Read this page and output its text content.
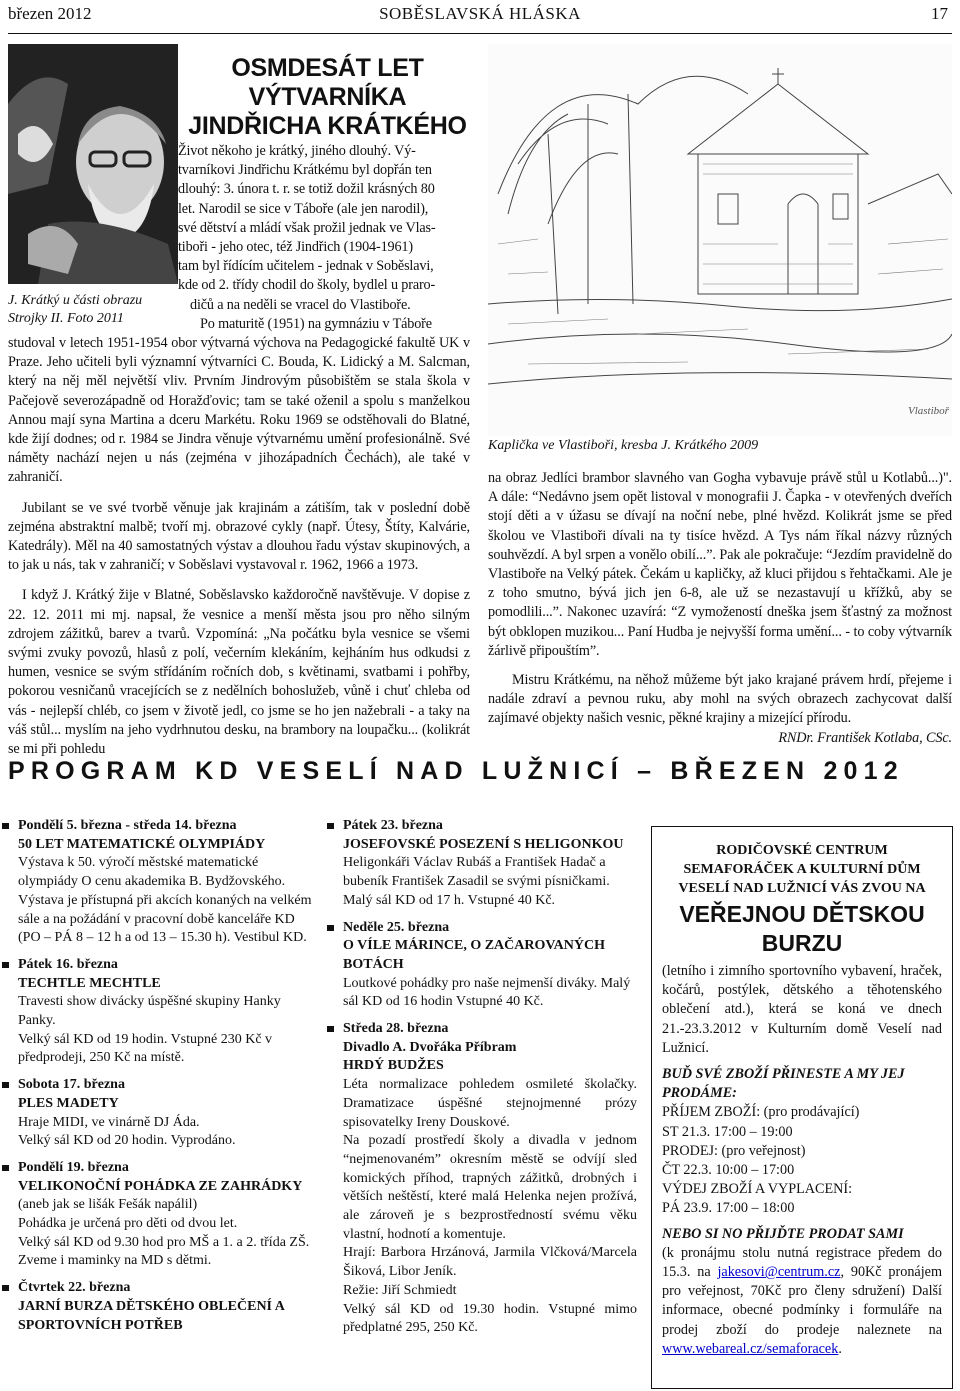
březen 2012	SOBĚSLAVSKÁ HLÁSKA	17

J. Krátký u části obrazu

Strojky II. Foto 2011

OSMDESÁT LET

VÝTVARNÍKA

JINDŘICHA KRÁTKÉHO

Život někoho je krátký, jiného dlouhý. Vý-

tvarníkovi Jindřichu Krátkému byl dopřán ten

dlouhý: 3. února t. r. se totiž dožil krásných 80

let. Narodil se sice v Táboře (ale jen narodil),

své dětství a mládí však prožil jednak ve Vlas-

tiboři - jeho otec, též Jindřich (1904-1961)

tam byl řídícím učitelem - jednak v Soběslavi,

kde od 2. třídy chodil do školy, bydlel u praro-

dičů a na neděli se vracel do Vlastiboře.

Po maturitě (1951) na gymnáziu v Táboře

studoval v letech 1951-1954 obor výtvarná výchova na Pedagogické fakultě UK v Praze. Jeho učiteli byli významní výtvarníci C. Bouda, K. Lidický a M. Salcman, který na něj měl největší vliv. Prvním Jindrovým působištěm se stala škola v Pačejově severozápadně od Horažďovic; tam se také oženil a spolu s manželkou Annou mají syna Martina a dceru Markétu. Roku 1969 se odstěhovali do Blatné, kde žijí dodnes; od r. 1984 se Jindra věnuje výtvarnému umění profesionálně. Své náměty nachází nejen u nás (zejména v jihozápadních Čechách), ale také v zahraničí.

Jubilant se ve své tvorbě věnuje jak krajinám a zátiším, tak v poslední době zejména abstraktní malbě; tvoří mj. obrazové cykly (např. Útesy, Štíty, Kalvárie, Katedrály). Měl na 40 samostatných výstav a dlouhou řadu výstav skupinových, a to jak u nás, tak v zahraničí; v Soběslavi vystavoval r. 1962, 1966 a 1973.

I když J. Krátký žije v Blatné, Soběslavsko každoročně navštěvuje. V dopise z 22. 12. 2011 mi mj. napsal, že vesnice a menší města jsou pro něho silným zdrojem zážitků, barev a tvarů. Vzpomíná: „Na počátku byla vesnice se všemi svými zvuky povozů, hlasů z polí, večerním klekáním, kejháním hus odkudsi z humen, vesnice se svým střídáním ročních dob, s květinami, svatbami i pohřby, pokorou vesničanů vracejících se z nedělních bohoslužeb, vůně i chuť chleba od vás - nejlepší chléb, co jsem v životě jedl, co jsme se ho jen nažebrali - a taky na váš stůl... myslím na jeho vydrhnutou desku, na brambory na loupačku... (kolikrát se mi při pohledu

Vlastiboř
Kaplička ve Vlastiboři, kresba J. Krátkého 2009

na obraz Jedlíci brambor slavného van Gogha vybavuje právě stůl u Kotlabů...)". A dále: “Nedávno jsem opět listoval v monografii J. Čapka - v otevřených dveřích stojí děti a v úžasu se dívají na noční nebe, plné hvězd. Kolikrát jsme se před školou ve Vlastiboři dívali na ty tisíce hvězd. A Tys nám říkal názvy různých souhvězdí. A byl srpen a vonělo obilí...”. Pak ale pokračuje: “Jezdím pravidelně do Vlastiboře na Velký pátek. Čekám u kapličky, až kluci přijdou s řehtačkami. Ale je z toho smutno, bývá jich jen 6-8, ale už se nezastavují u křížků, aby se pomodlili...”. Nakonec uzavírá: “Z vymožeností dneška jsem šťastný za možnost být obklopen muzikou... Paní Hudba je nejvyšší forma umění... - to coby výtvarník žárlivě připouštím”.

Mistru Krátkému, na něhož můžeme být jako krajané právem hrdí, přejeme i nadále zdraví a pevnou ruku, aby mohl na svých obrazech zachycovat další zajímavé objekty našich vesnic, pěkné krajiny a mizející přírodu.
RNDr. František Kotlaba, CSc.

PROGRAM KD VESELÍ NAD LUŽNICÍ – BŘEZEN 2012
Pondělí 5. března - středa 14. března
50 LET MATEMATICKÉ OLYMPIÁDY
Výstava k 50. výročí městské matematické olympiády O cenu akademika B. Bydžovského. Výstava je přístupná při akcích konaných na velkém sále a na požádání v pracovní době kanceláře KD (PO – PÁ 8 – 12 h a od 13 – 15.30 h). Vestibul KD.
Pátek 16. března
TECHTLE MECHTLE
Travesti show divácky úspěšné skupiny Hanky Panky.
Velký sál KD od 19 hodin. Vstupné 230 Kč v předprodeji, 250 Kč na místě.
Sobota 17. března
PLES MADETY
Hraje MIDI, ve vinárně DJ Áda.
Velký sál KD od 20 hodin. Vyprodáno.
Pondělí 19. března
VELIKONOČNÍ POHÁDKA ZE ZAHRÁDKY
(aneb jak se lišák Fešák napálil)
Pohádka je určená pro děti od dvou let.
Velký sál KD od 9.30 hod pro MŠ a 1. a 2. třída ZŠ. Zveme i maminky na MD s dětmi.
Čtvrtek 22. března
JARNÍ BURZA DĚTSKÉHO OBLEČENÍ A SPORTOVNÍCH POTŘEB
Pátek 23. března
JOSEFOVSKÉ POSEZENÍ S HELIGONKOU
Heligonkáři Václav Rubáš a František Hadač a bubeník František Zasadil se svými písničkami. Malý sál KD od 17 h. Vstupné 40 Kč.
Neděle 25. března
O VÍLE MÁRINCE, O ZAČAROVANÝCH BOTÁCH
Loutkové pohádky pro naše nejmenší diváky. Malý sál KD od 16 hodin Vstupné 40 Kč.
Středa 28. března
Divadlo A. Dvořáka Příbram
HRDÝ BUDŽES
Léta normalizace pohledem osmileté školačky. Dramatizace úspěšné stejnojmenné prózy spisovatelky Ireny Douskové.
Na pozadí prostředí školy a divadla v jednom “nejmenovaném” okresním městě se odvíjí sled komických příhod, trapných zážitků, drobných i větších neštěstí, které malá Helenka nejen prožívá, ale zároveň je s bezprostředností svému věku vlastní, hodnotí a komentuje.
Hrají: Barbora Hrzánová, Jarmila Vlčková/Marcela Šiková, Libor Jeník.
Režie: Jiří Schmiedt
Velký sál KD od 19.30 hodin. Vstupné mimo předplatné 295, 250 Kč.
RODIČOVSKÉ CENTRUM SEMAFORÁČEK A KULTURNÍ DŮM VESELÍ NAD LUŽNICÍ VÁS ZVOU NA
VEŘEJNOU DĚTSKOU BURZU
(letního i zimního sportovního vybavení, hraček, kočárů, postýlek, dětského a těhotenského oblečení atd.), která se koná ve dnech 21.-23.3.2012 v Kulturním domě Veselí nad Lužnicí.
BUĎ SVÉ ZBOŽÍ PŘINESTE A MY JEJ PRODÁME:
PŘÍJEM ZBOŽÍ: (pro prodávající)
ST 21.3. 17:00 – 19:00
PRODEJ: (pro veřejnost)
ČT 22.3. 10:00 – 17:00
VÝDEJ ZBOŽÍ A VYPLACENÍ:
PÁ 23.9. 17:00 – 18:00
NEBO SI NO PŘIJĎTE PRODAT SAMI
(k pronájmu stolu nutná registrace předem do 15.3. na jakesovi@centrum.cz, 90Kč pronájem pro veřejnost, 70Kč pro členy sdružení) Další informace, obecné podmínky i formuláře na prodej zboží do prodeje naleznete na www.webareal.cz/semaforacek.
